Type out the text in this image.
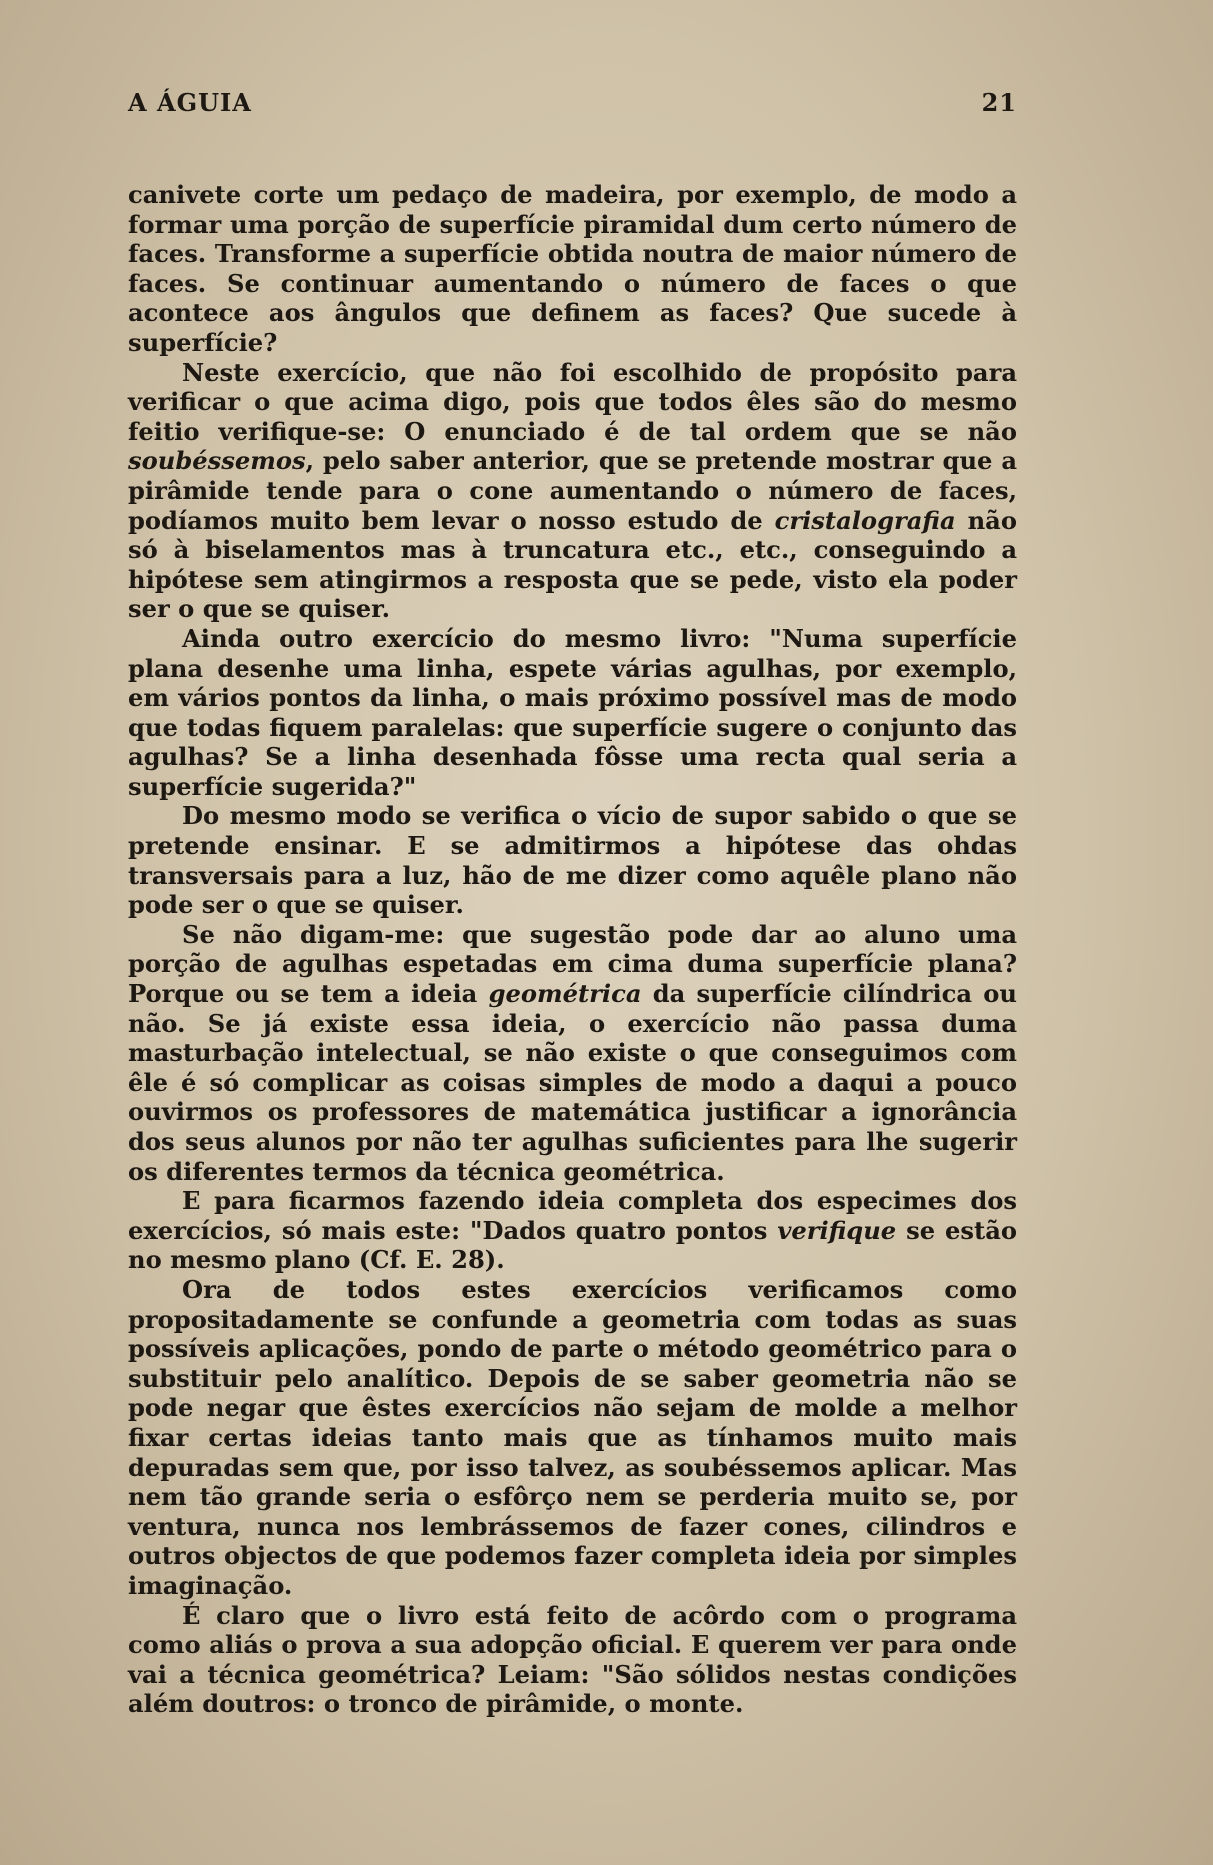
A ÁGUIA	21

canivete corte um pedaço de madeira, por exemplo, de modo a formar uma porção de superfície piramidal dum certo número de faces. Transforme a superfície obtida noutra de maior número de faces. Se continuar aumentando o número de faces o que acontece aos ângulos que definem as faces? Que sucede à superfície?

Neste exercício, que não foi escolhido de propósito para verificar o que acima digo, pois que todos êles são do mesmo feitio verifique-se: O enunciado é de tal ordem que se não soubéssemos, pelo saber anterior, que se pretende mostrar que a pirâmide tende para o cone aumentando o número de faces, podíamos muito bem levar o nosso estudo de cristalografia não só à biselamentos mas à truncatura etc., etc., conseguindo a hipótese sem atingirmos a resposta que se pede, visto ela poder ser o que se quiser.

Ainda outro exercício do mesmo livro: "Numa superfície plana desenhe uma linha, espete várias agulhas, por exemplo, em vários pontos da linha, o mais próximo possível mas de modo que todas fiquem paralelas: que superfície sugere o conjunto das agulhas? Se a linha desenhada fôsse uma recta qual seria a superfície sugerida?"

Do mesmo modo se verifica o vício de supor sabido o que se pretende ensinar. E se admitirmos a hipótese das ohdas transversais para a luz, hão de me dizer como aquêle plano não pode ser o que se quiser.

Se não digam-me: que sugestão pode dar ao aluno uma porção de agulhas espetadas em cima duma superfície plana? Porque ou se tem a ideia geométrica da superfície cilíndrica ou não. Se já existe essa ideia, o exercício não passa duma masturbação intelectual, se não existe o que conseguimos com êle é só complicar as coisas simples de modo a daqui a pouco ouvirmos os professores de matemática justificar a ignorância dos seus alunos por não ter agulhas suficientes para lhe sugerir os diferentes termos da técnica geométrica.

E para ficarmos fazendo ideia completa dos especimes dos exercícios, só mais este: "Dados quatro pontos verifique se estão no mesmo plano (Cf. E. 28).

Ora de todos estes exercícios verificamos como propositadamente se confunde a geometria com todas as suas possíveis aplicações, pondo de parte o método geométrico para o substituir pelo analítico. Depois de se saber geometria não se pode negar que êstes exercícios não sejam de molde a melhor fixar certas ideias tanto mais que as tínhamos muito mais depuradas sem que, por isso talvez, as soubéssemos aplicar. Mas nem tão grande seria o esfôrço nem se perderia muito se, por ventura, nunca nos lembrássemos de fazer cones, cilindros e outros objectos de que podemos fazer completa ideia por simples imaginação.

É claro que o livro está feito de acôrdo com o programa como aliás o prova a sua adopção oficial. E querem ver para onde vai a técnica geométrica? Leiam: "São sólidos nestas condições além doutros: o tronco de pirâmide, o monte.
